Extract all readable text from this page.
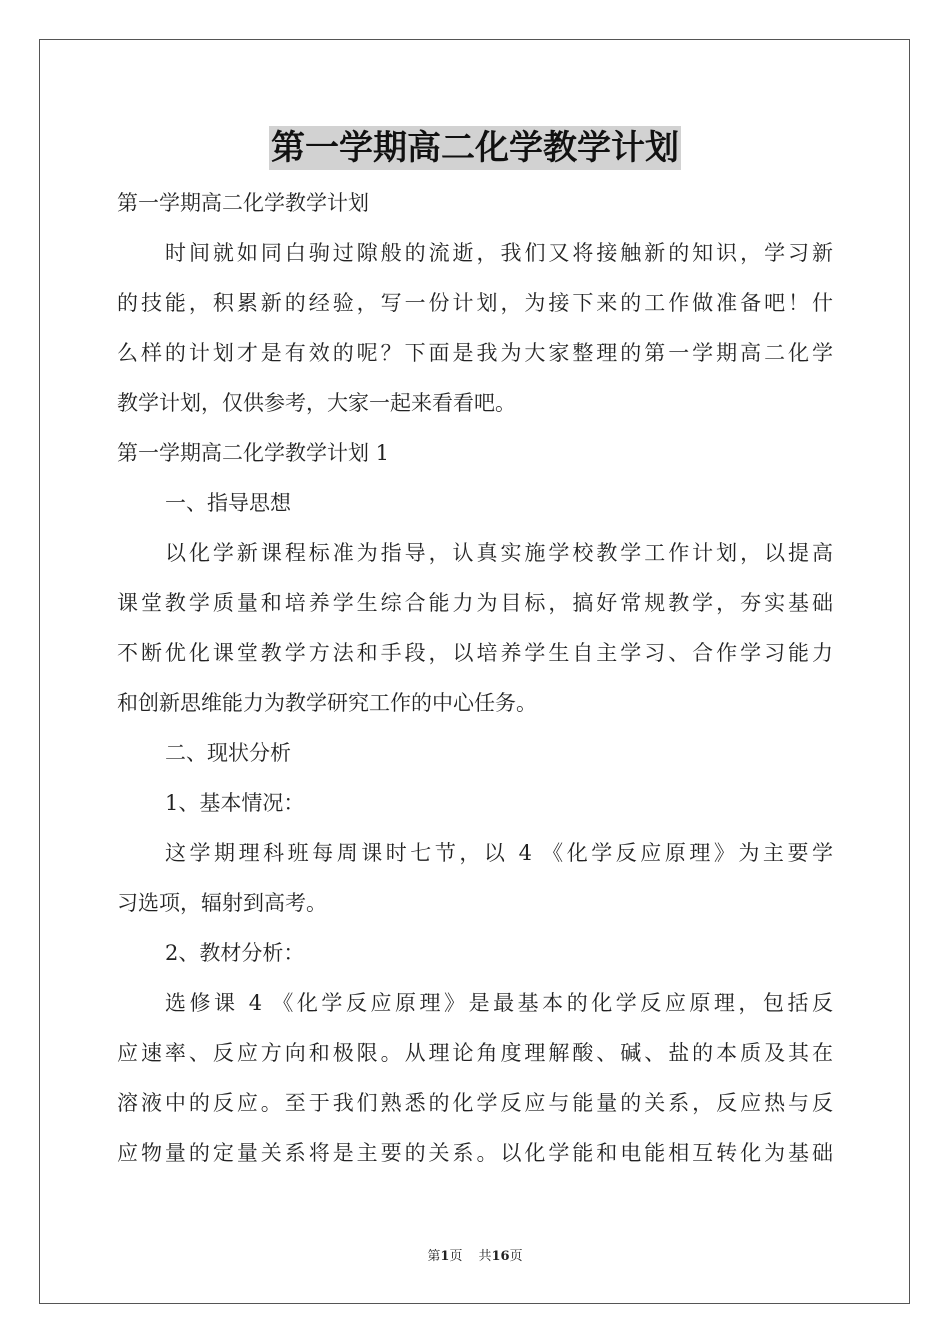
第一学期高二化学教学计划

第一学期高二化学教学计划

时间就如同白驹过隙般的流逝，我们又将接触新的知识，学习新

的技能，积累新的经验，写一份计划，为接下来的工作做准备吧！什

么样的计划才是有效的呢？下面是我为大家整理的第一学期高二化学

教学计划，仅供参考，大家一起来看看吧。

第一学期高二化学教学计划 1

一、指导思想

以化学新课程标准为指导，认真实施学校教学工作计划，以提高

课堂教学质量和培养学生综合能力为目标，搞好常规教学，夯实基础

不断优化课堂教学方法和手段，以培养学生自主学习、合作学习能力

和创新思维能力为教学研究工作的中心任务。

二、现状分析

1、基本情况：

这学期理科班每周课时七节，以 4 《化学反应原理》为主要学

习选项，辐射到高考。

2、教材分析：

选修课 4 《化学反应原理》是最基本的化学反应原理，包括反

应速率、反应方向和极限。从理论角度理解酸、碱、盐的本质及其在

溶液中的反应。至于我们熟悉的化学反应与能量的关系，反应热与反

应物量的定量关系将是主要的关系。以化学能和电能相互转化为基础

第1页 共16页
